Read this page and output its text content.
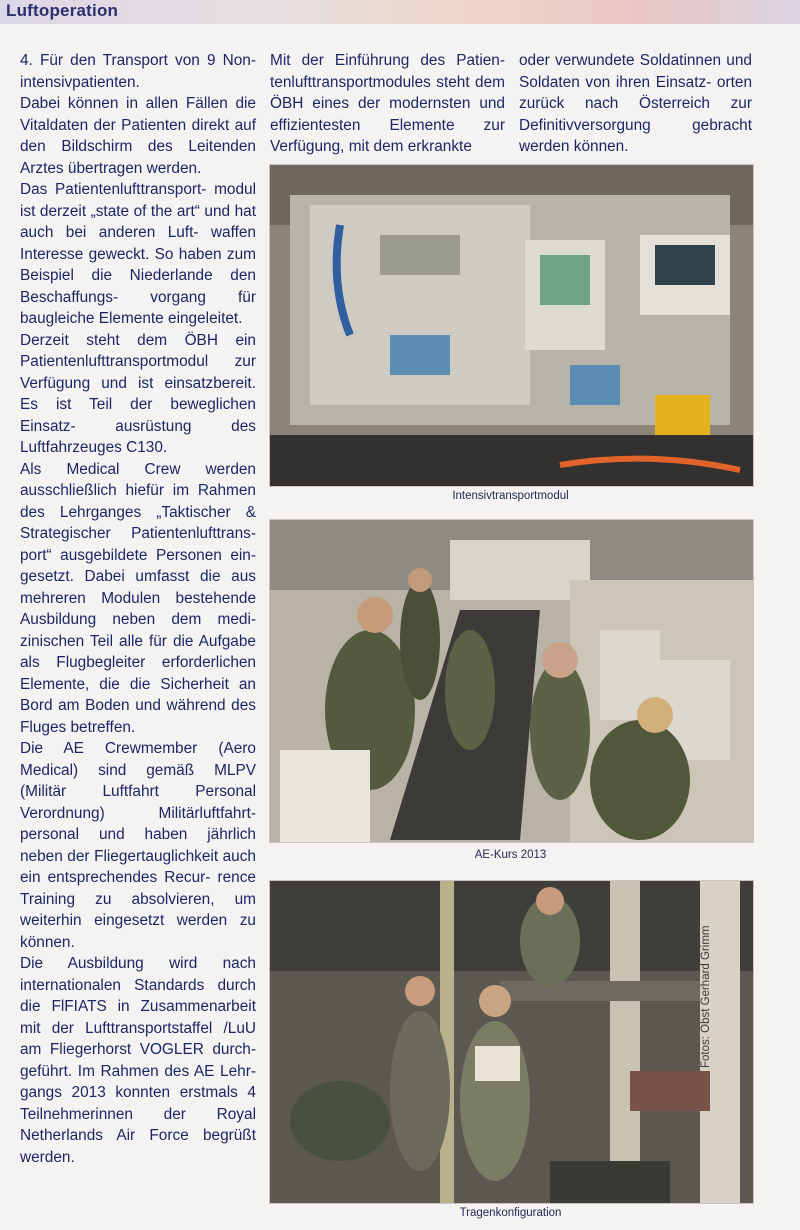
Luftoperation

4. Für den Transport von 9 Non- intensivpatienten.

Dabei können in allen Fällen die Vitaldaten der Patienten direkt auf den Bildschirm des Leitenden Arztes übertragen werden.

Das Patientenlufttransport- modul ist derzeit „state of the art“ und hat auch bei anderen Luft- waffen Interesse geweckt. So haben zum Beispiel die Niederlande den Beschaffungs- vorgang für baugleiche Elemente eingeleitet.

Derzeit steht dem ÖBH ein Patientenlufttransportmodul zur Verfügung und ist einsatzbereit. Es ist Teil der beweglichen Einsatz- ausrüstung des Luftfahrzeuges C130.

Als Medical Crew werden ausschließlich hiefür im Rahmen des Lehrganges „Taktischer & Strategischer Patientenlufttrans- port“ ausgebildete Personen ein- gesetzt. Dabei umfasst die aus mehreren Modulen bestehende Ausbildung neben dem medi- zinischen Teil alle für die Aufgabe als Flugbegleiter erforderlichen Elemente, die die Sicherheit an Bord am Boden und während des Fluges betreffen.

Die AE Crewmember (Aero Medical) sind gemäß MLPV (Militär Luftfahrt Personal Verordnung) Militärluftfahrt- personal und haben jährlich neben der Fliegertauglichkeit auch ein entsprechendes Recur- rence Training zu absolvieren, um weiterhin eingesetzt werden zu können.

Die Ausbildung wird nach internationalen Standards durch die FlFIATS in Zusammenarbeit mit der Lufttransportstaffel /LuU am Fliegerhorst VOGLER durch- geführt. Im Rahmen des AE Lehr- gangs 2013 konnten erstmals 4 Teilnehmerinnen der Royal Netherlands Air Force begrüßt werden.

Mit der Einführung des Patien- tenlufttransportmodules steht dem ÖBH eines der modernsten und effizientesten Elemente zur Verfügung, mit dem erkrankte

oder verwundete Soldatinnen und Soldaten von ihren Einsatz- orten zurück nach Österreich zur Definitivversorgung gebracht werden können.

Intensivtransportmodul
AE-Kurs 2013
Tragenkonfiguration
Fotos: Obst Gerhard Grimm
